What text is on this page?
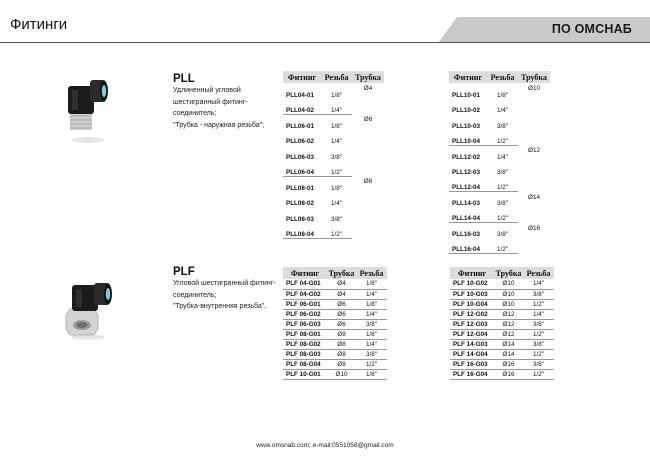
Фитинги	ПО ОМСНАБ
PLL
Удлиненный угловой
шестигранный фитинг-
соединитель;
"Трубка - наружная резьба";
Фитинг	Резьба	Трубка
PLL04-01	1/8"	Ø4
PLL04-02	1/4"	
PLL06-01	1/8"	Ø6
PLL06-02	1/4"	
PLL06-03	3/8"	
PLL06-04	1/2"	
PLL08-01	1/8"	Ø8
PLL08-02	1/4"	
PLL08-03	3/8"	
PLL08-04	1/2"	
Фитинг	Резьба	Трубка
PLL10-01	1/8"	Ø10
PLL10-02	1/4"	
PLL10-03	3/8"	
PLL10-04	1/2"	
PLL12-02	1/4"	Ø12
PLL12-03	3/8"	
PLL12-04	1/2"	
PLL14-03	3/8"	Ø14
PLL14-04	1/2"	
PLL16-03	3/8"	Ø16
PLL16-04	1/2"	
PLF
Угловой шестигранный фитинг-
соединитель;
"Трубка-внутренняя резьба".
Фитинг	Трубка	Резьба
PLF 04-G01	Ø4	1/8"
PLF 04-G02	Ø4	1/4"
PLF 06-G01	Ø6	1/8"
PLF 06-G02	Ø6	1/4"
PLF 06-G03	Ø6	3/8"
PLF 08-G01	Ø8	1/8"
PLF 08-G02	Ø8	1/4"
PLF 08-G03	Ø8	3/8"
PLF 08-G04	Ø8	1/2"
PLF 10-G01	Ø10	1/8"
Фитинг	Трубка	Резьба
PLF 10-G02	Ø10	1/4"
PLF 10-G03	Ø10	3/8"
PLF 10-G04	Ø10	1/2"
PLF 12-G02	Ø12	1/4"
PLF 12-G03	Ø12	3/8"
PLF 12-G04	Ø12	1/2"
PLF 14-G03	Ø14	3/8"
PLF 14-G04	Ø14	1/2"
PLF 16-G03	Ø16	3/8"
PLF 16-G04	Ø16	1/2"
www.omsnab.com; e-mail:0551058@gmail.com
